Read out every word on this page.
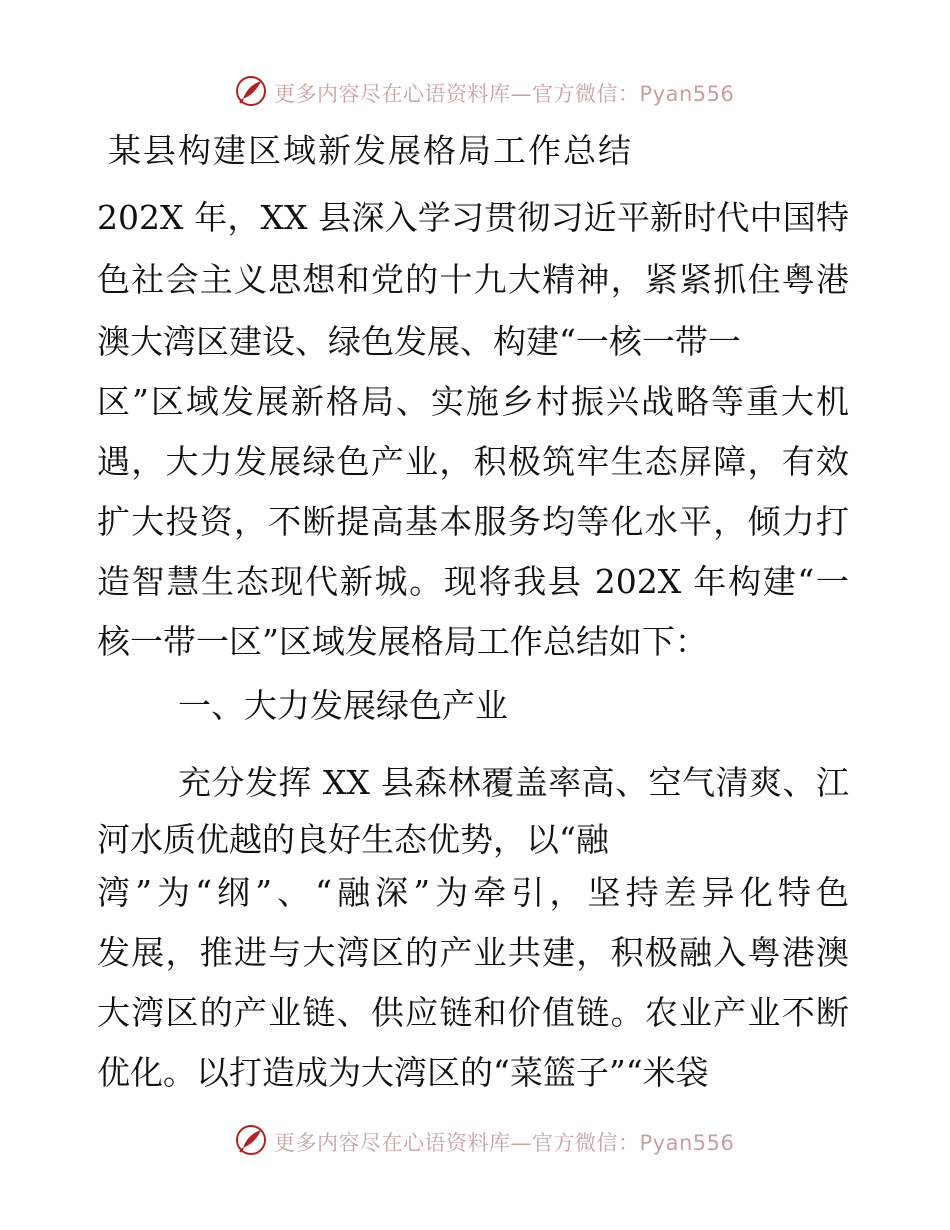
更多内容尽在心语资料库—官方微信：Pyan556
某县构建区域新发展格局工作总结
202X 年，XX 县深入学习贯彻习近平新时代中国特
色社会主义思想和党的十九大精神，紧紧抓住粤港
澳大湾区建设、绿色发展、构建“一核一带一
区”区域发展新格局、实施乡村振兴战略等重大机
遇，大力发展绿色产业，积极筑牢生态屏障，有效
扩大投资，不断提高基本服务均等化水平，倾力打
造智慧生态现代新城。现将我县 202X 年构建“一
核一带一区”区域发展格局工作总结如下：
一、大力发展绿色产业
充分发挥 XX 县森林覆盖率高、空气清爽、江
河水质优越的良好生态优势，以“融
湾”为“纲”、“融深”为牵引，坚持差异化特色
发展，推进与大湾区的产业共建，积极融入粤港澳
大湾区的产业链、供应链和价值链。农业产业不断
优化。以打造成为大湾区的“菜篮子”“米袋
更多内容尽在心语资料库—官方微信：Pyan556
